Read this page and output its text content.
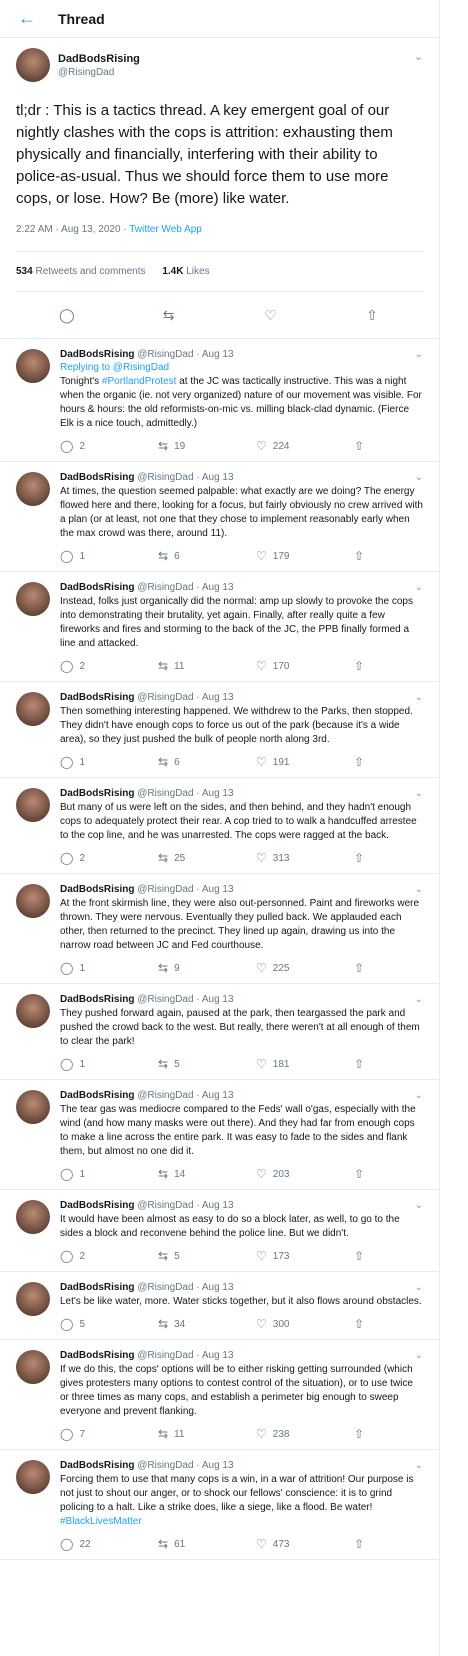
←	Thread
DadBodsRising
@RisingDad
⌄
tl;dr : This is a tactics thread. A key emergent goal of our nightly clashes with the cops is attrition: exhausting them physically and financially, interfering with their ability to police-as-usual. Thus we should force them to use more cops, or lose. How? Be (more) like water.
2:22 AM · Aug 13, 2020 · Twitter Web App
534 Retweets and comments 1.4K Likes
◯	⇆	♡	⇧
⌄
DadBodsRising @RisingDad · Aug 13
Replying to @RisingDad
Tonight's #PortlandProtest at the JC was tactically instructive. This was a night when the organic (ie. not very organized) nature of our movement was visible. For hours & hours: the old reformists-on-mic vs. milling black-clad dynamic. (Fierce Elk is a nice touch, admittedly.)
◯ 2	⇆ 19	♡ 224	⇧
⌄
DadBodsRising @RisingDad · Aug 13
At times, the question seemed palpable: what exactly are we doing? The energy flowed here and there, looking for a focus, but fairly obviously no crew arrived with a plan (or at least, not one that they chose to implement reasonably early when the max crowd was there, around 11).
◯ 1	⇆ 6	♡ 179	⇧
⌄
DadBodsRising @RisingDad · Aug 13
Instead, folks just organically did the normal: amp up slowly to provoke the cops into demonstrating their brutality, yet again. Finally, after really quite a few fireworks and fires and storming to the back of the JC, the PPB finally formed a line and attacked.
◯ 2	⇆ 11	♡ 170	⇧
⌄
DadBodsRising @RisingDad · Aug 13
Then something interesting happened. We withdrew to the Parks, then stopped. They didn't have enough cops to force us out of the park (because it's a wide area), so they just pushed the bulk of people north along 3rd.
◯ 1	⇆ 6	♡ 191	⇧
⌄
DadBodsRising @RisingDad · Aug 13
But many of us were left on the sides, and then behind, and they hadn't enough cops to adequately protect their rear. A cop tried to to walk a handcuffed arrestee to the cop line, and he was unarrested. The cops were ragged at the back.
◯ 2	⇆ 25	♡ 313	⇧
⌄
DadBodsRising @RisingDad · Aug 13
At the front skirmish line, they were also out-personned. Paint and fireworks were thrown. They were nervous. Eventually they pulled back. We applauded each other, then returned to the precinct. They lined up again, drawing us into the narrow road between JC and Fed courthouse.
◯ 1	⇆ 9	♡ 225	⇧
⌄
DadBodsRising @RisingDad · Aug 13
They pushed forward again, paused at the park, then teargassed the park and pushed the crowd back to the west. But really, there weren't at all enough of them to clear the park!
◯ 1	⇆ 5	♡ 181	⇧
⌄
DadBodsRising @RisingDad · Aug 13
The tear gas was mediocre compared to the Feds' wall o'gas, especially with the wind (and how many masks were out there). And they had far from enough cops to make a line across the entire park. It was easy to fade to the sides and flank them, but almost no one did it.
◯ 1	⇆ 14	♡ 203	⇧
⌄
DadBodsRising @RisingDad · Aug 13
It would have been almost as easy to do so a block later, as well, to go to the sides a block and reconvene behind the police line. But we didn't.
◯ 2	⇆ 5	♡ 173	⇧
⌄
DadBodsRising @RisingDad · Aug 13
Let's be like water, more. Water sticks together, but it also flows around obstacles.
◯ 5	⇆ 34	♡ 300	⇧
⌄
DadBodsRising @RisingDad · Aug 13
If we do this, the cops' options will be to either risking getting surrounded (which gives protesters many options to contest control of the situation), or to use twice or three times as many cops, and establish a perimeter big enough to sweep everyone and prevent flanking.
◯ 7	⇆ 11	♡ 238	⇧
⌄
DadBodsRising @RisingDad · Aug 13
Forcing them to use that many cops is a win, in a war of attrition! Our purpose is not just to shout our anger, or to shock our fellows' conscience: it is to grind policing to a halt. Like a strike does, like a siege, like a flood. Be water! #BlackLivesMatter
◯ 22	⇆ 61	♡ 473	⇧
